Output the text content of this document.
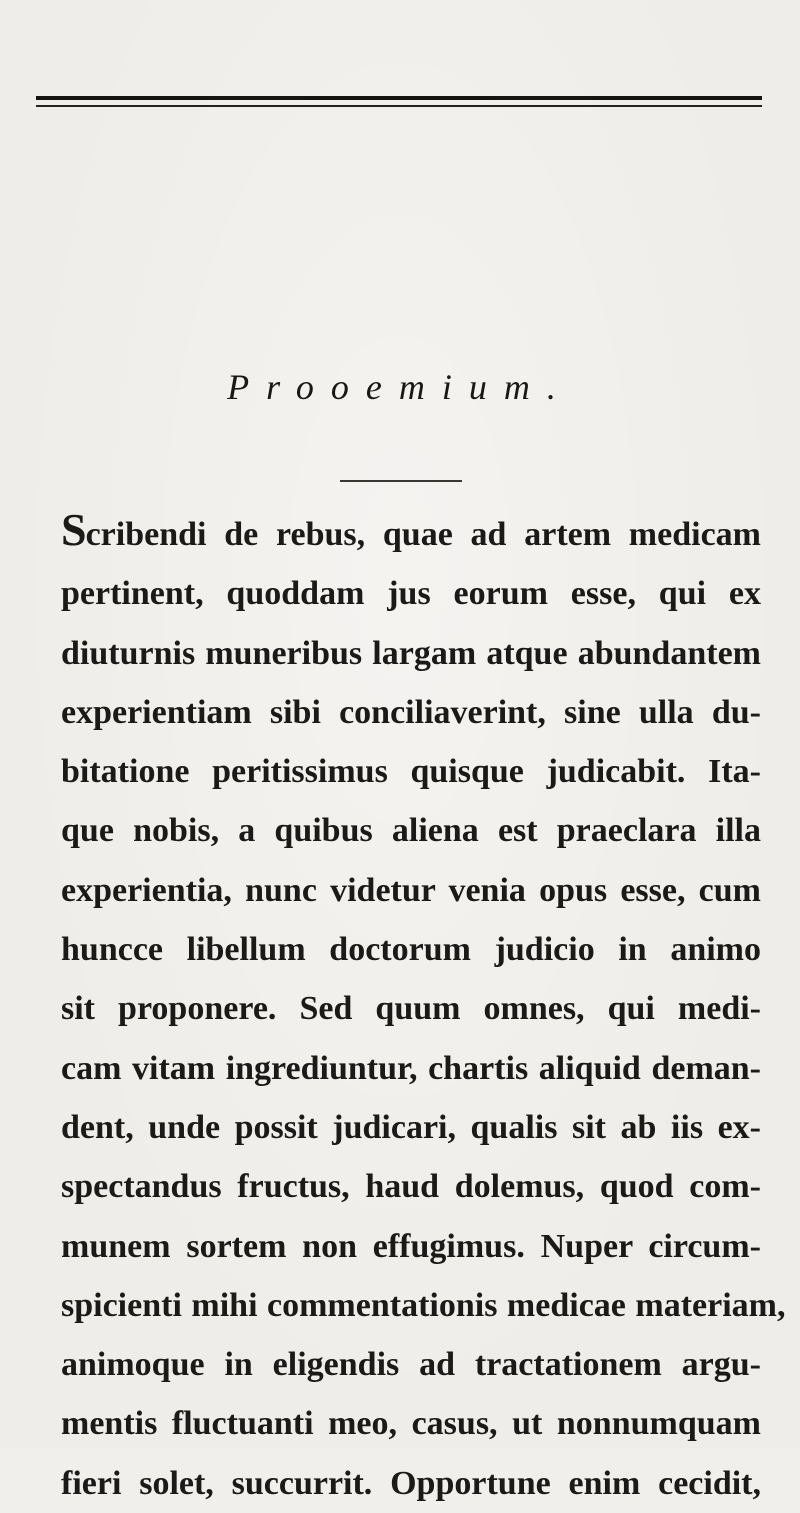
Prooemium.
Scribendi de rebus, quae ad artem medicam
pertinent, quoddam jus eorum esse, qui ex
diuturnis muneribus largam atque abundantem
experientiam sibi conciliaverint, sine ulla du-
bitatione peritissimus quisque judicabit. Ita-
que nobis, a quibus aliena est praeclara illa
experientia, nunc videtur venia opus esse, cum
huncce libellum doctorum judicio in animo
sit proponere. Sed quum omnes, qui medi-
cam vitam ingrediuntur, chartis aliquid deman-
dent, unde possit judicari, qualis sit ab iis ex-
spectandus fructus, haud dolemus, quod com-
munem sortem non effugimus. Nuper circum-
spicienti mihi commentationis medicae materiam,
animoque in eligendis ad tractationem argu-
mentis fluctuanti meo, casus, ut nonnumquam
fieri solet, succurrit. Opportune enim cecidit,
